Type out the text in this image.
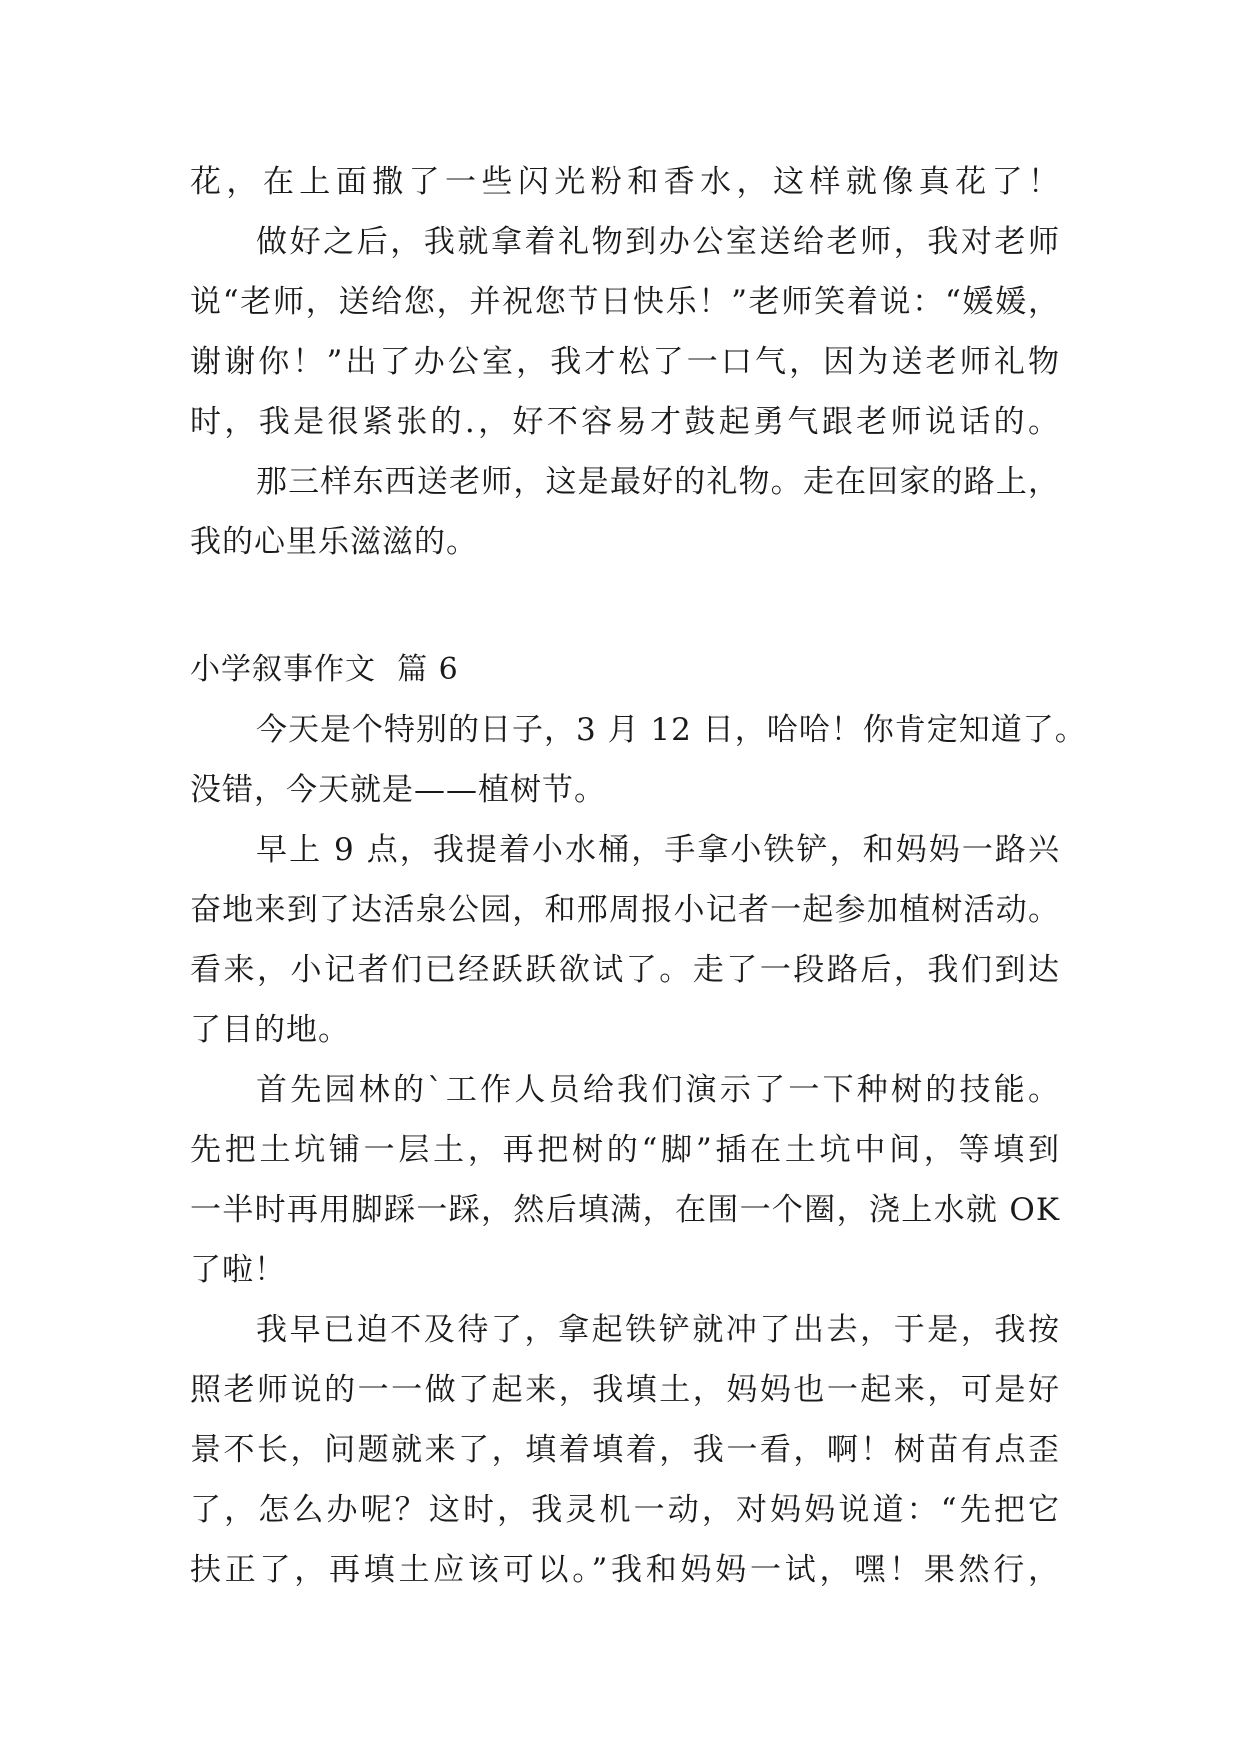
花，在上面撒了一些闪光粉和香水，这样就像真花了！
做好之后，我就拿着礼物到办公室送给老师，我对老师
说“老师，送给您，并祝您节日快乐！”老师笑着说：“媛媛，
谢谢你！”出了办公室，我才松了一口气，因为送老师礼物
时，我是很紧张的.，好不容易才鼓起勇气跟老师说话的。
那三样东西送老师，这是最好的礼物。走在回家的路上，
我的心里乐滋滋的。
小学叙事作文  篇 6
今天是个特别的日子，3 月 12 日，哈哈！你肯定知道了。
没错，今天就是——植树节。
早上 9 点，我提着小水桶，手拿小铁铲，和妈妈一路兴
奋地来到了达活泉公园，和邢周报小记者一起参加植树活动。
看来，小记者们已经跃跃欲试了。走了一段路后，我们到达
了目的地。
首先园林的`工作人员给我们演示了一下种树的技能。
先把土坑铺一层土，再把树的“脚”插在土坑中间，等填到
一半时再用脚踩一踩，然后填满，在围一个圈，浇上水就 OK
了啦！
我早已迫不及待了，拿起铁铲就冲了出去，于是，我按
照老师说的一一做了起来，我填土，妈妈也一起来，可是好
景不长，问题就来了，填着填着，我一看，啊！树苗有点歪
了，怎么办呢？这时，我灵机一动，对妈妈说道：“先把它
扶正了，再填土应该可以。”我和妈妈一试，嘿！果然行，
